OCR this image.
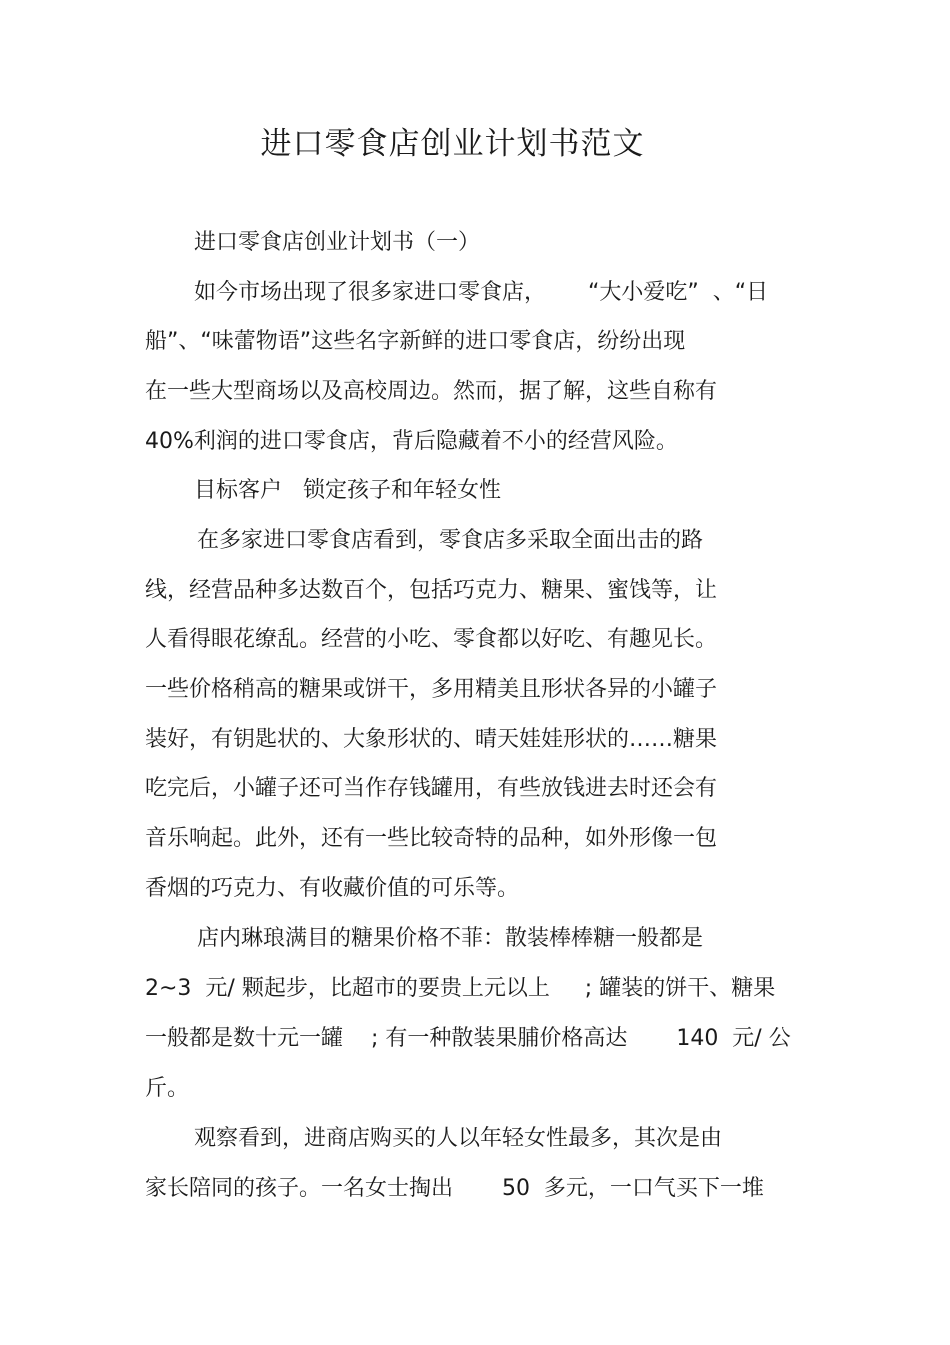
进口零食店创业计划书范文
进口零食店创业计划书（一）
如今市场出现了很多家进口零食店，      “大小爱吃”  、“日
船”、“味蕾物语”这些名字新鲜的进口零食店，纷纷出现
在一些大型商场以及高校周边。然而，据了解，这些自称有
40%利润的进口零食店，背后隐藏着不小的经营风险。
目标客户   锁定孩子和年轻女性
在多家进口零食店看到，零食店多采取全面出击的路
线，经营品种多达数百个，包括巧克力、糖果、蜜饯等，让
人看得眼花缭乱。经营的小吃、零食都以好吃、有趣见长。
一些价格稍高的糖果或饼干，多用精美且形状各异的小罐子
装好，有钥匙状的、大象形状的、晴天娃娃形状的……糖果
吃完后，小罐子还可当作存钱罐用，有些放钱进去时还会有
音乐响起。此外，还有一些比较奇特的品种，如外形像一包
香烟的巧克力、有收藏价值的可乐等。
店内琳琅满目的糖果价格不菲：散装棒棒糖一般都是
2~3  元/ 颗起步，比超市的要贵上元以上     ; 罐装的饼干、糖果
一般都是数十元一罐    ; 有一种散装果脯价格高达       140  元/ 公
斤。
观察看到，进商店购买的人以年轻女性最多，其次是由
家长陪同的孩子。一名女士掏出       50  多元，一口气买下一堆
